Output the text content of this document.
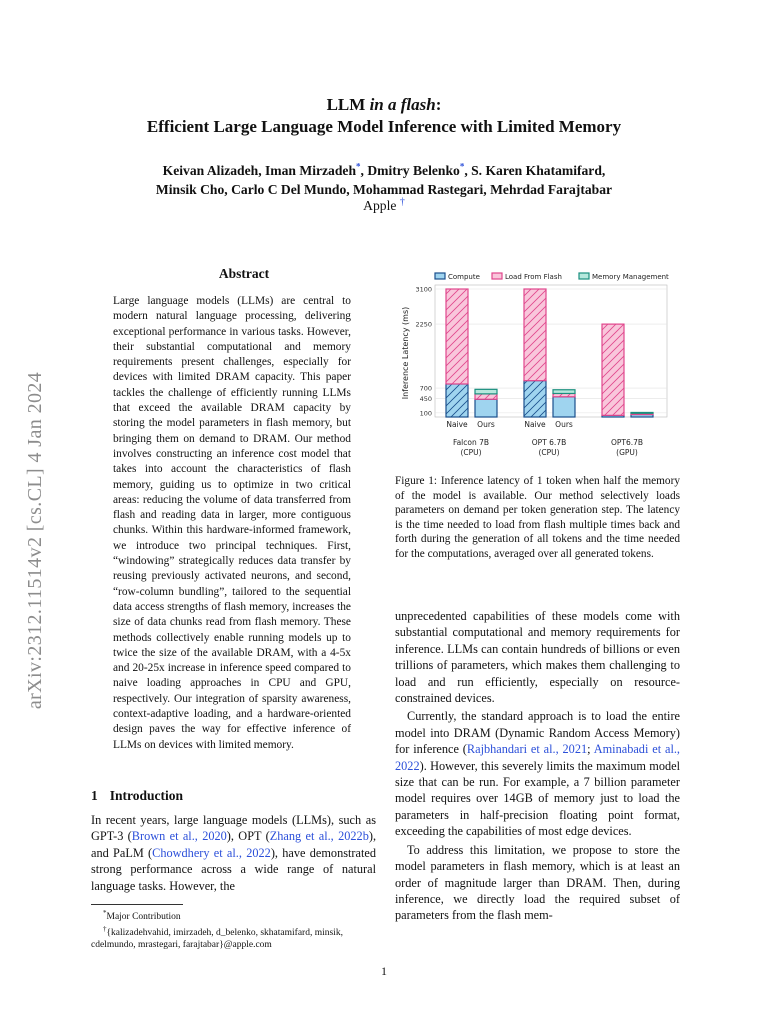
arXiv:2312.11514v2 [cs.CL] 4 Jan 2024
LLM in a flash:
Efficient Large Language Model Inference with Limited Memory
Keivan Alizadeh, Iman Mirzadeh*, Dmitry Belenko*, S. Karen Khatamifard,
Minsik Cho, Carlo C Del Mundo, Mohammad Rastegari, Mehrdad Farajtabar
Apple †
Abstract
Large language models (LLMs) are central to modern natural language processing, delivering exceptional performance in various tasks. However, their substantial computational and memory requirements present challenges, especially for devices with limited DRAM capacity. This paper tackles the challenge of efficiently running LLMs that exceed the available DRAM capacity by storing the model parameters in flash memory, but bringing them on demand to DRAM. Our method involves constructing an inference cost model that takes into account the characteristics of flash memory, guiding us to optimize in two critical areas: reducing the volume of data transferred from flash and reading data in larger, more contiguous chunks. Within this hardware-informed framework, we introduce two principal techniques. First, “windowing” strategically reduces data transfer by reusing previously activated neurons, and second, “row-column bundling”, tailored to the sequential data access strengths of flash memory, increases the size of data chunks read from flash memory. These methods collectively enable running models up to twice the size of the available DRAM, with a 4-5x and 20-25x increase in inference speed compared to naive loading approaches in CPU and GPU, respectively. Our integration of sparsity awareness, context-adaptive loading, and a hardware-oriented design paves the way for effective inference of LLMs on devices with limited memory.
1 Introduction

In recent years, large language models (LLMs), such as GPT-3 (Brown et al., 2020), OPT (Zhang et al., 2022b), and PaLM (Chowdhery et al., 2022), have demonstrated strong performance across a wide range of natural language tasks. However, the

*Major Contribution
†{kalizadehvahid, imirzadeh, d_belenko, skhatamifard, minsik, cdelmundo, mrastegari, farajtabar}@apple.com
100
450
700
2250
3100
Inference Latency (ms)
Compute	Load From Flash	Memory Management
Naive Ours	Naive Ours
Falcon 7B
(CPU)
OPT 6.7B
(CPU)
OPT6.7B
(GPU)
Figure 1: Inference latency of 1 token when half the memory of the model is available. Our method selectively loads parameters on demand per token generation step. The latency is the time needed to load from flash multiple times back and forth during the generation of all tokens and the time needed for the computations, averaged over all generated tokens.

unprecedented capabilities of these models come with substantial computational and memory requirements for inference. LLMs can contain hundreds of billions or even trillions of parameters, which makes them challenging to load and run efficiently, especially on resource-constrained devices.

Currently, the standard approach is to load the entire model into DRAM (Dynamic Random Access Memory) for inference (Rajbhandari et al., 2021; Aminabadi et al., 2022). However, this severely limits the maximum model size that can be run. For example, a 7 billion parameter model requires over 14GB of memory just to load the parameters in half-precision floating point format, exceeding the capabilities of most edge devices.

To address this limitation, we propose to store the model parameters in flash memory, which is at least an order of magnitude larger than DRAM. Then, during inference, we directly load the required subset of parameters from the flash mem-

1
